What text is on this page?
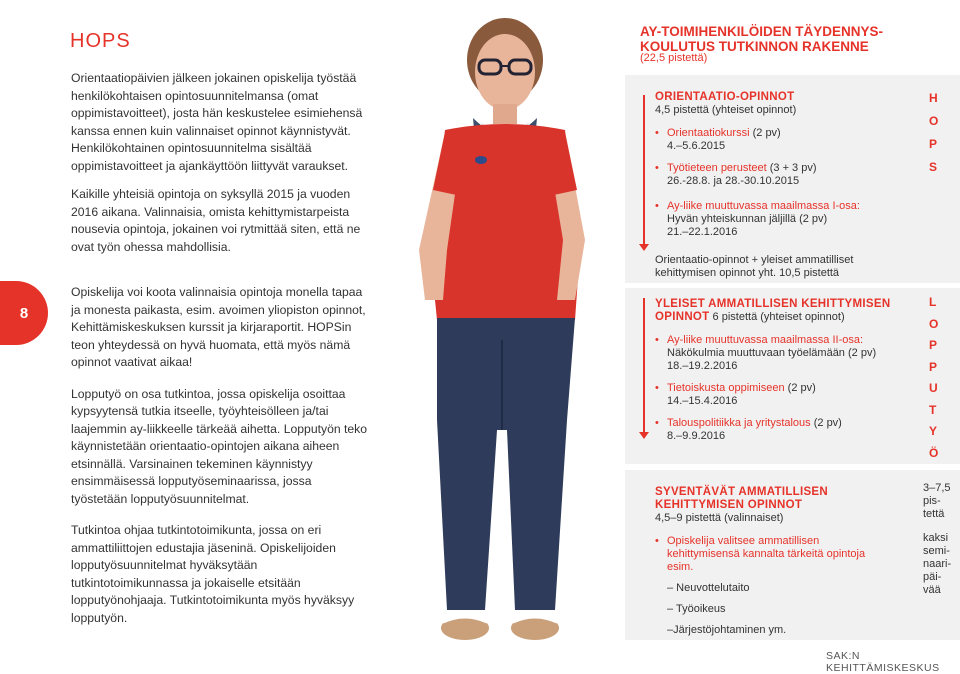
8
HOPS

Orientaatiopäivien jälkeen jokainen opiskelija työstää henkilökohtaisen opintosuunnitelmansa (omat oppimistavoitteet), josta hän keskustelee esimiehensä kanssa ennen kuin valinnaiset opinnot käynnistyvät. Henkilökohtainen opintosuunnitelma sisältää oppimistavoitteet ja ajankäyttöön liittyvät varaukset.

Kaikille yhteisiä opintoja on syksyllä 2015 ja vuoden 2016 aikana. Valinnaisia, omista kehittymistarpeista nousevia opintoja, jokainen voi rytmittää siten, että ne ovat työn ohessa mahdollisia.

Opiskelija voi koota valinnaisia opintoja monella tapaa ja monesta paikasta, esim. avoimen yliopiston opinnot, Kehittämiskeskuksen kurssit ja kirjaraportit. HOPSin teon yhteydessä on hyvä huomata, että myös nämä opinnot vaativat aikaa!

Lopputyö on osa tutkintoa, jossa opiskelija osoittaa kypsyytensä tutkia itseelle, työyhteisölleen ja/tai laajemmin ay-liikkeelle tärkeää aihetta. Lopputyön teko käynnistetään orientaatio-opintojen aikana aiheen etsinnällä. Varsinainen tekeminen käynnistyy ensimmäisessä lopputyöseminaarissa, jossa työstetään lopputyösuunnitelmat.

Tutkintoa ohjaa tutkintotoimikunta, jossa on eri ammattiliittojen edustajia jäseninä. Opiskelijoiden lopputyösuunnitelmat hyväksytään tutkintotoimikunnassa ja jokaiselle etsitään lopputyönohjaaja. Tutkintotoimikunta myös hyväksyy lopputyön.

AY-TOIMIHENKILÖIDEN TÄYDENNYS-
KOULUTUS TUTKINNON RAKENNE
(22,5 pistettä)
ORIENTAATIO-OPINNOT
4,5 pistettä (yhteiset opinnot)
• Orientaatiokurssi (2 pv)
4.–5.6.2015
• Työtieteen perusteet (3 + 3 pv)
26.-28.8. ja 28.-30.10.2015
• Ay-liike muuttuvassa maailmassa I-osa:
Hyvän yhteiskunnan jäljillä (2 pv)
21.–22.1.2016
Orientaatio-opinnot + yleiset ammatilliset kehittymisen opinnot yht. 10,5 pistettä
H
O
P
S
YLEISET AMMATILLISEN KEHITTYMISEN
OPINNOT 6 pistettä (yhteiset opinnot)
• Ay-liike muuttuvassa maailmassa II-osa:
Näkökulmia muuttuvaan työelämään (2 pv)
18.–19.2.2016
• Tietoiskusta oppimiseen (2 pv)
14.–15.4.2016
• Talouspolitiikka ja yritystalous (2 pv)
8.–9.9.2016
L
O
P
P
U
T
Y
Ö
SYVENTÄVÄT AMMATILLISEN
KEHITTYMISEN OPINNOT
4,5–9 pistettä (valinnaiset)
• Opiskelija valitsee ammatillisen kehittymisensä kannalta tärkeitä opintoja esim.
– Neuvottelutaito
– Työoikeus
–Järjestöjohtaminen ym.
3–7,5
pis-
tettä
kaksi
semi-
naari-
päi-
vää
SAK:N KEHITTÄMISKESKUS
